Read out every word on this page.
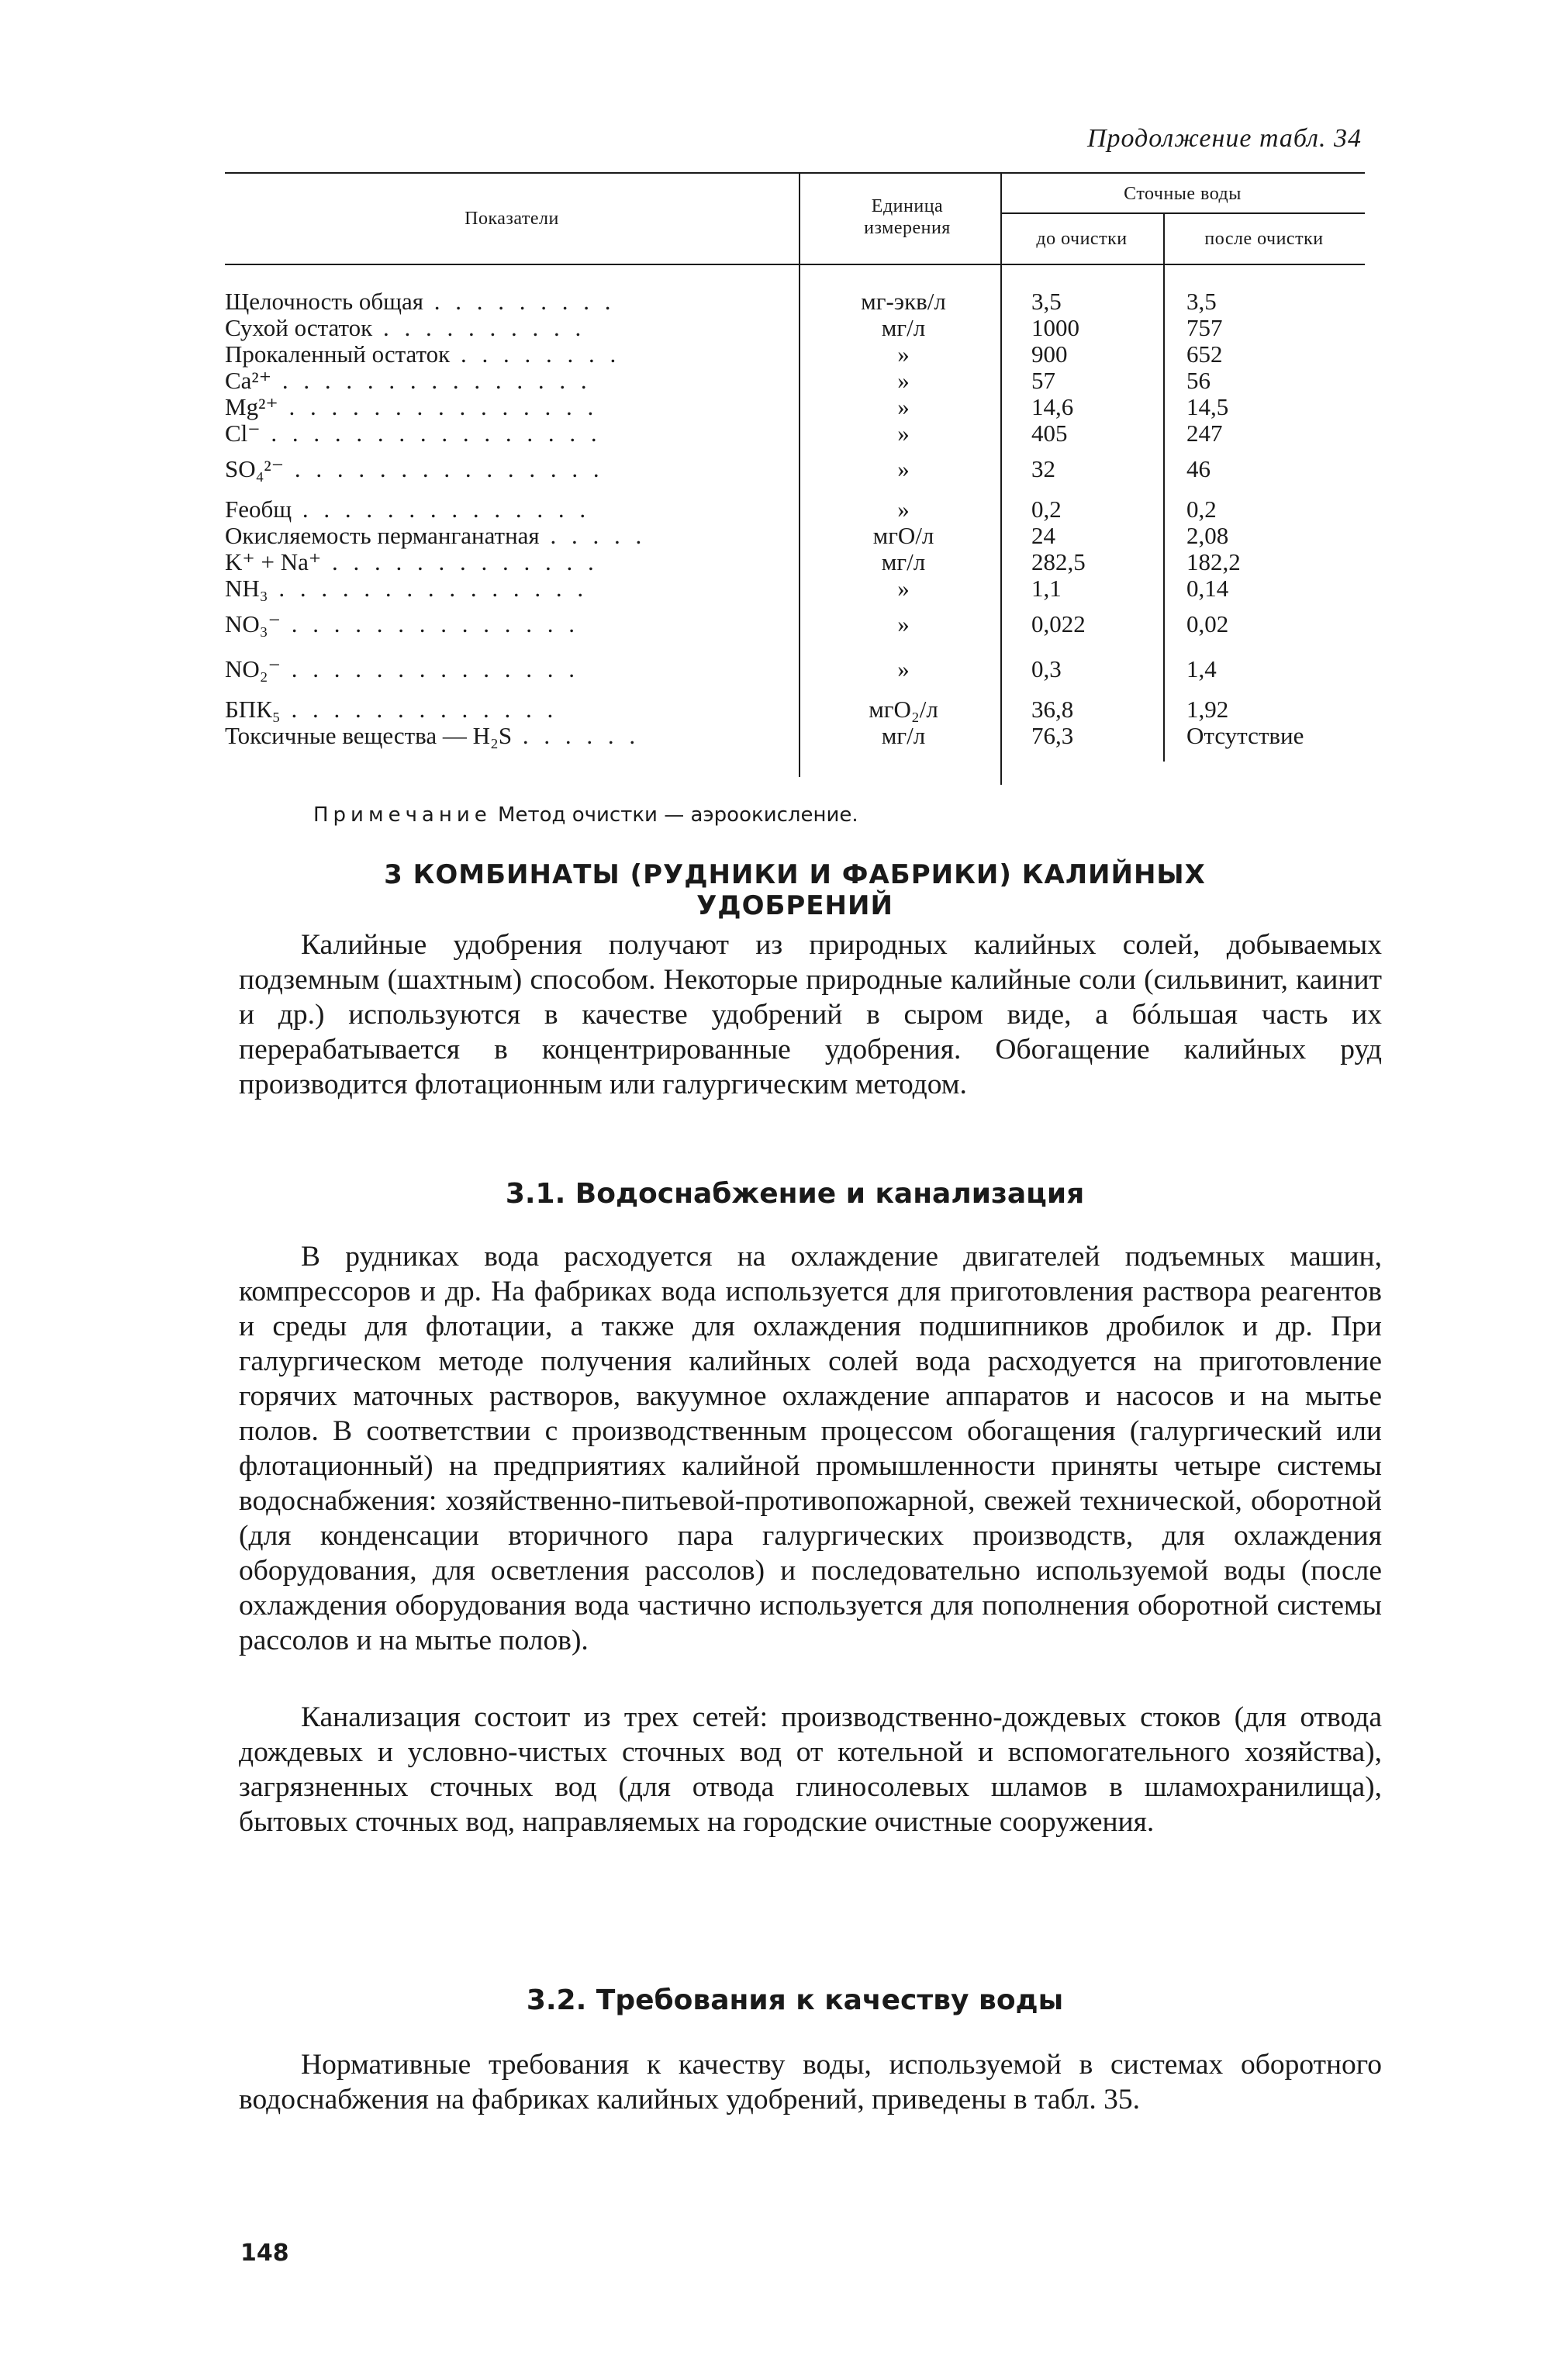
Продолжение табл. 34
Показатели
Единица измерения
Сточные воды
до очистки	после очистки
Щелочность общая . . . . . . . . .	мг-экв/л	3,5	3,5
Сухой остаток . . . . . . . . . .	мг/л	1000	757
Прокаленный остаток . . . . . . . .	»	900	652
Ca²⁺ . . . . . . . . . . . . . . .	»	57	56
Mg²⁺ . . . . . . . . . . . . . . .	»	14,6	14,5
Cl⁻ . . . . . . . . . . . . . . . .	»	405	247
SO₄²⁻ . . . . . . . . . . . . . . .	»	32	46
Feобщ . . . . . . . . . . . . . .	»	0,2	0,2
Окисляемость перманганатная . . . . .	мгО/л	24	2,08
K⁺ + Na⁺ . . . . . . . . . . . . .	мг/л	282,5	182,2
NH₃ . . . . . . . . . . . . . . .	»	1,1	0,14
NO₃⁻ . . . . . . . . . . . . . .	»	0,022	0,02
NO₂⁻ . . . . . . . . . . . . . .	»	0,3	1,4
БПК₅ . . . . . . . . . . . . .	мгO₂/л	36,8	1,92
Токсичные вещества — H₂S . . . . . .	мг/л	76,3	Отсутствие
Примечание Метод очистки — аэроокисление.
3 КОМБИНАТЫ (РУДНИКИ И ФАБРИКИ) КАЛИЙНЫХ
УДОБРЕНИЙ
Калийные удобрения получают из природных калийных солей, добываемых подземным (шахтным) способом. Некоторые природные калийные соли (сильвинит, каинит и др.) используются в качестве удобрений в сыром виде, а бóльшая часть их перерабатывается в концентрированные удобрения. Обогащение калийных руд производится флотационным или галургическим методом.
3.1. Водоснабжение и канализация
В рудниках вода расходуется на охлаждение двигателей подъемных машин, компрессоров и др. На фабриках вода используется для приготовления раствора реагентов и среды для флотации, а также для охлаждения подшипников дробилок и др. При галургическом методе получения калийных солей вода расходуется на приготовление горячих маточных растворов, вакуумное охлаждение аппаратов и насосов и на мытье полов. В соответствии с производственным процессом обогащения (галургический или флотационный) на предприятиях калийной промышленности приняты четыре системы водоснабжения: хозяйственно-питьевой-противопожарной, свежей технической, оборотной (для конденсации вторичного пара галургических производств, для охлаждения оборудования, для осветления рассолов) и последовательно используемой воды (после охлаждения оборудования вода частично используется для пополнения оборотной системы рассолов и на мытье полов).
Канализация состоит из трех сетей: производственно-дождевых стоков (для отвода дождевых и условно-чистых сточных вод от котельной и вспомогательного хозяйства), загрязненных сточных вод (для отвода глиносолевых шламов в шламохранилища), бытовых сточных вод, направляемых на городские очистные сооружения.
3.2. Требования к качеству воды
Нормативные требования к качеству воды, используемой в системах оборотного водоснабжения на фабриках калийных удобрений, приведены в табл. 35.
148
